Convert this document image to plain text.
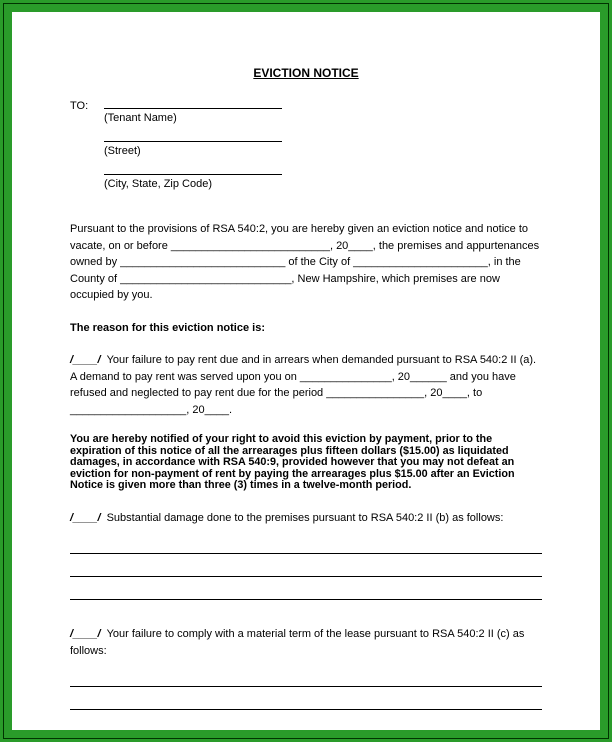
EVICTION NOTICE
TO:
(Tenant Name)
(Street)
(City, State, Zip Code)

Pursuant to the provisions of RSA 540:2, you are hereby given an eviction notice and notice to vacate, on or before __________________________, 20____, the premises and appurtenances owned by ___________________________ of the City of ______________________, in the County of ____________________________, New Hampshire, which premises are now occupied by you.

The reason for this eviction notice is:

/____/ Your failure to pay rent due and in arrears when demanded pursuant to RSA 540:2 II (a). A demand to pay rent was served upon you on _______________, 20______ and you have refused and neglected to pay rent due for the period ________________, 20____, to ___________________, 20____.

You are hereby notified of your right to avoid this eviction by payment, prior to the expiration of this notice of all the arrearages plus fifteen dollars ($15.00) as liquidated damages, in accordance with RSA 540:9, provided however that you may not defeat an eviction for non-payment of rent by paying the arrearages plus $15.00 after an Eviction Notice is given more than three (3) times in a twelve-month period.

/____/ Substantial damage done to the premises pursuant to RSA 540:2 II (b) as follows:

/____/ Your failure to comply with a material term of the lease pursuant to RSA 540:2 II (c) as follows:
